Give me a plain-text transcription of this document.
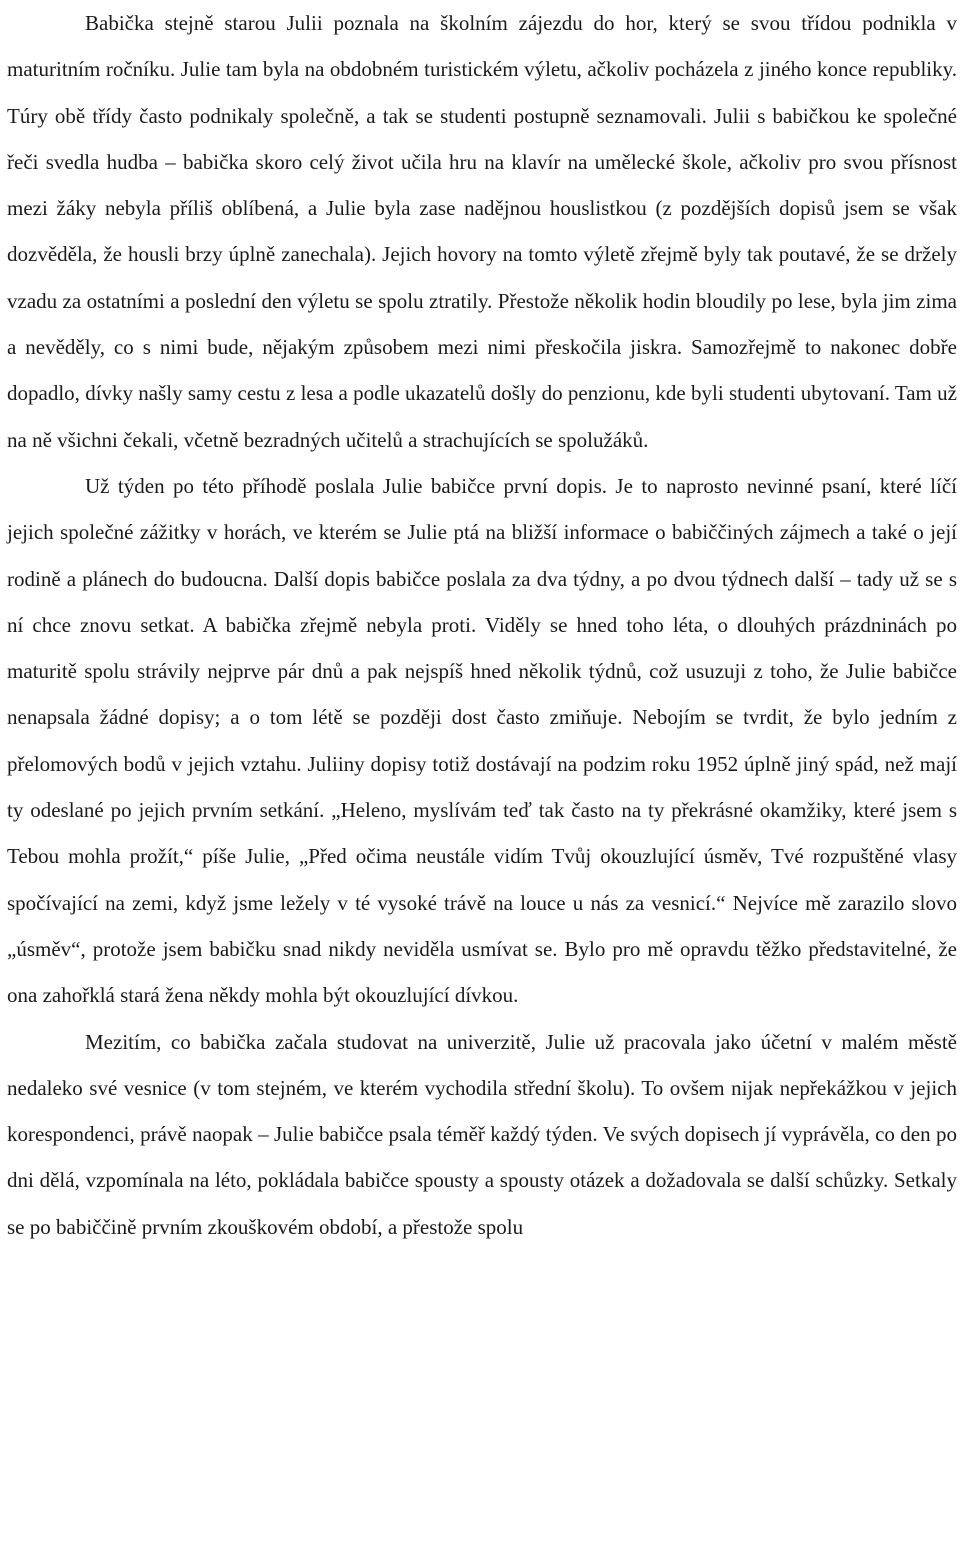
Babička stejně starou Julii poznala na školním zájezdu do hor, který se svou třídou podnikla v maturitním ročníku. Julie tam byla na obdobném turistickém výletu, ačkoliv pocházela z jiného konce republiky. Túry obě třídy často podnikaly společně, a tak se studenti postupně seznamovali. Julii s babičkou ke společné řeči svedla hudba – babička skoro celý život učila hru na klavír na umělecké škole, ačkoliv pro svou přísnost mezi žáky nebyla příliš oblíbená, a Julie byla zase nadějnou houslistkou (z pozdějších dopisů jsem se však dozvěděla, že housli brzy úplně zanechala). Jejich hovory na tomto výletě zřejmě byly tak poutavé, že se držely vzadu za ostatními a poslední den výletu se spolu ztratily. Přestože několik hodin bloudily po lese, byla jim zima a nevěděly, co s nimi bude, nějakým způsobem mezi nimi přeskočila jiskra. Samozřejmě to nakonec dobře dopadlo, dívky našly samy cestu z lesa a podle ukazatelů došly do penzionu, kde byli studenti ubytovaní. Tam už na ně všichni čekali, včetně bezradných učitelů a strachujících se spolužáků.

Už týden po této příhodě poslala Julie babičce první dopis. Je to naprosto nevinné psaní, které líčí jejich společné zážitky v horách, ve kterém se Julie ptá na bližší informace o babiččiných zájmech a také o její rodině a plánech do budoucna. Další dopis babičce poslala za dva týdny, a po dvou týdnech další – tady už se s ní chce znovu setkat. A babička zřejmě nebyla proti. Viděly se hned toho léta, o dlouhých prázdninách po maturitě spolu strávily nejprve pár dnů a pak nejspíš hned několik týdnů, což usuzuji z toho, že Julie babičce nenapsala žádné dopisy; a o tom létě se později dost často zmiňuje. Nebojím se tvrdit, že bylo jedním z přelomových bodů v jejich vztahu. Juliiny dopisy totiž dostávají na podzim roku 1952 úplně jiný spád, než mají ty odeslané po jejich prvním setkání. „Heleno, myslívám teď tak často na ty překrásné okamžiky, které jsem s Tebou mohla prožít,“ píše Julie, „Před očima neustále vidím Tvůj okouzlující úsměv, Tvé rozpuštěné vlasy spočívající na zemi, když jsme ležely v té vysoké trávě na louce u nás za vesnicí.“ Nejvíce mě zarazilo slovo „úsměv“, protože jsem babičku snad nikdy neviděla usmívat se. Bylo pro mě opravdu těžko představitelné, že ona zahořklá stará žena někdy mohla být okouzlující dívkou.

Mezitím, co babička začala studovat na univerzitě, Julie už pracovala jako účetní v malém městě nedaleko své vesnice (v tom stejném, ve kterém vychodila střední školu). To ovšem nijak nepřekážkou v jejich korespondenci, právě naopak – Julie babičce psala téměř každý týden. Ve svých dopisech jí vyprávěla, co den po dni dělá, vzpomínala na léto, pokládala babičce spousty a spousty otázek a dožadovala se další schůzky. Setkaly se po babiččině prvním zkouškovém období, a přestože spolu
